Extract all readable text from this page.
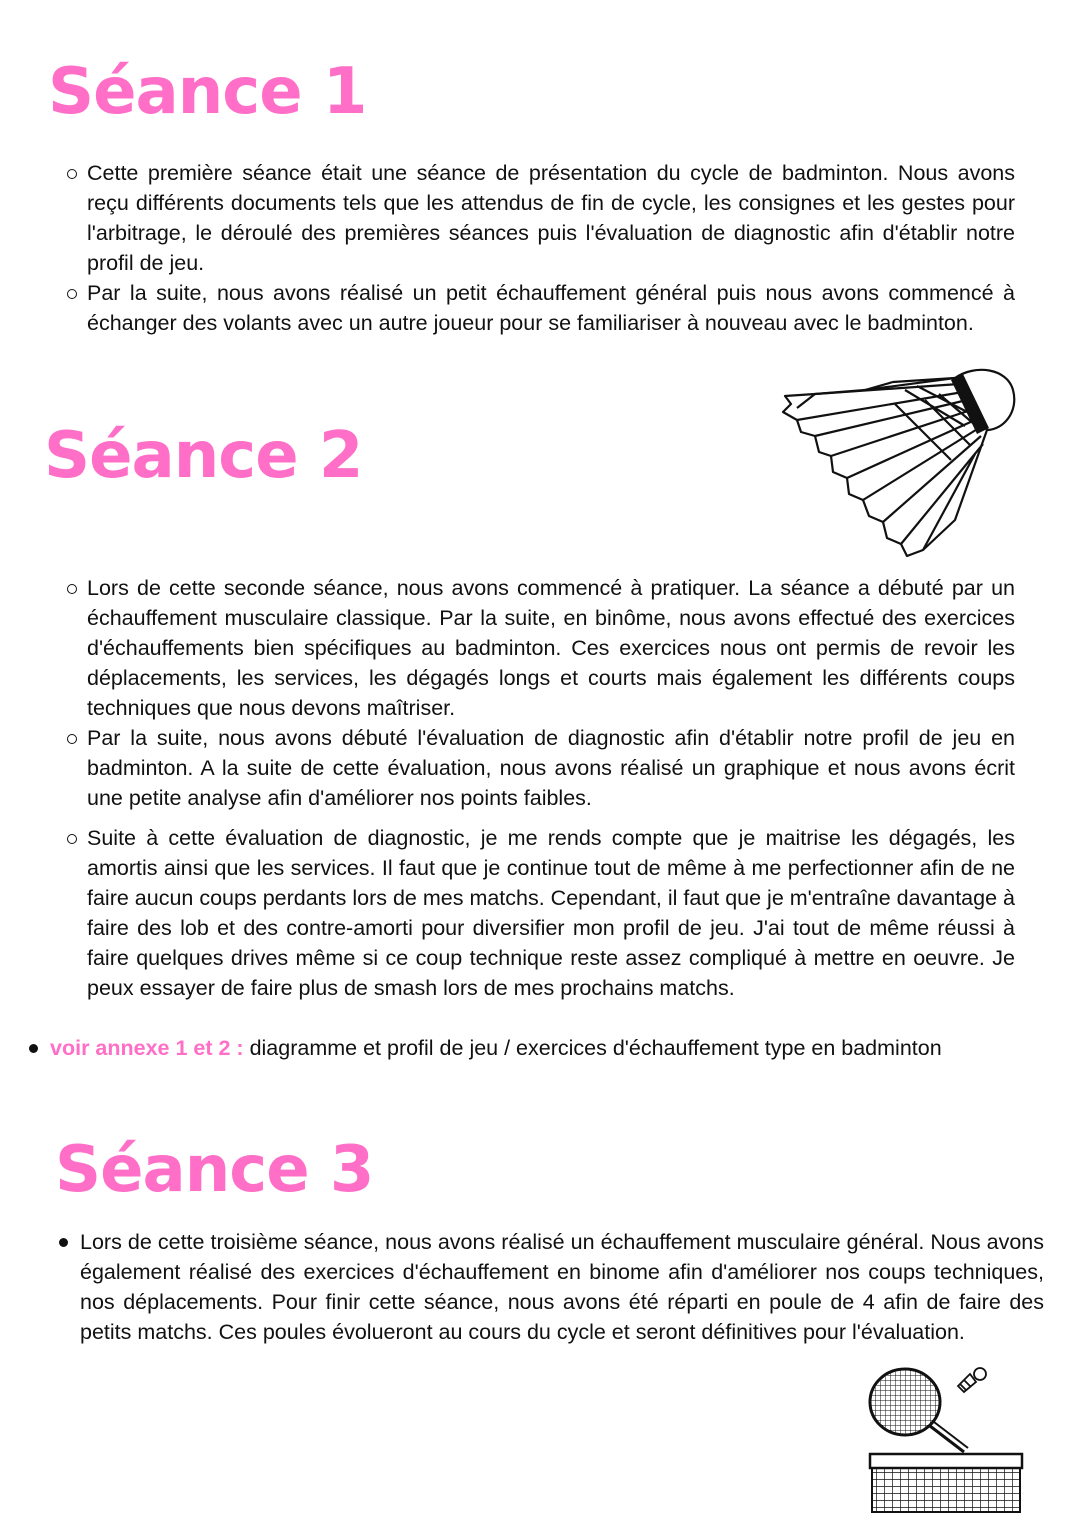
Séance 1
Cette première séance était une séance de présentation du cycle de badminton. Nous avons reçu différents documents tels que les attendus de fin de cycle, les consignes et les gestes pour l'arbitrage, le déroulé des premières séances puis l'évaluation de diagnostic afin d'établir notre profil de jeu.
Par la suite, nous avons réalisé un petit échauffement général puis nous avons commencé à échanger des volants avec un autre joueur pour se familiariser à nouveau avec le badminton.
Séance 2
Lors de cette seconde séance, nous avons commencé à pratiquer. La séance a débuté par un échauffement musculaire classique. Par la suite, en binôme, nous avons effectué des exercices d'échauffements bien spécifiques au badminton. Ces exercices nous ont permis de revoir les déplacements, les services, les dégagés longs et courts mais également les différents coups techniques que nous devons maîtriser.
Par la suite, nous avons débuté l'évaluation de diagnostic afin d'établir notre profil de jeu en badminton. A la suite de cette évaluation, nous avons réalisé un graphique et nous avons écrit une petite analyse afin d'améliorer nos points faibles.
Suite à cette évaluation de diagnostic, je me rends compte que je maitrise les dégagés, les amortis ainsi que les services. Il faut que je continue tout de même à me perfectionner afin de ne faire aucun coups perdants lors de mes matchs. Cependant, il faut que je m'entraîne davantage à faire des lob et des contre-amorti pour diversifier mon profil de jeu. J'ai tout de même réussi à faire quelques drives même si ce coup technique reste assez compliqué à mettre en oeuvre. Je peux essayer de faire plus de smash lors de mes prochains matchs.
voir annexe 1 et 2 : diagramme et profil de jeu / exercices d'échauffement type en badminton
Séance 3
Lors de cette troisième séance, nous avons réalisé un échauffement musculaire général. Nous avons également réalisé des exercices d'échauffement en binome afin d'améliorer nos coups techniques, nos déplacements. Pour finir cette séance, nous avons été réparti en poule de 4 afin de faire des petits matchs. Ces poules évolueront au cours du cycle et seront définitives pour l'évaluation.
